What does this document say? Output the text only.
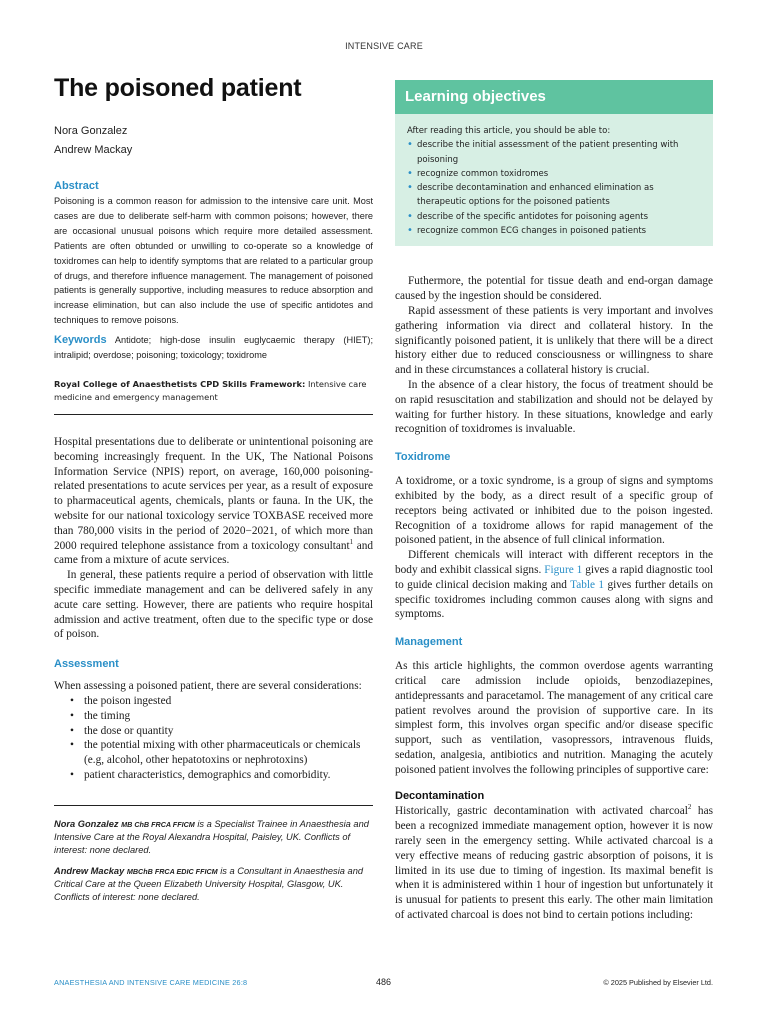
INTENSIVE CARE
The poisoned patient
Nora Gonzalez
Andrew Mackay
Abstract

Poisoning is a common reason for admission to the intensive care unit. Most cases are due to deliberate self-harm with common poisons; however, there are occasional unusual poisons which require more detailed assessment. Patients are often obtunded or unwilling to co-operate so a knowledge of toxidromes can help to identify symptoms that are related to a particular group of drugs, and therefore influence management. The management of poisoned patients is generally supportive, including measures to reduce absorption and increase elimination, but can also include the use of specific antidotes and techniques to remove poisons.

Keywords Antidote; high-dose insulin euglycaemic therapy (HIET); intralipid; overdose; poisoning; toxicology; toxidrome

Royal College of Anaesthetists CPD Skills Framework: Intensive care medicine and emergency management

Hospital presentations due to deliberate or unintentional poisoning are becoming increasingly frequent. In the UK, The National Poisons Information Service (NPIS) report, on average, 160,000 poisoning-related presentations to acute services per year, as a result of exposure to pharmaceutical agents, chemicals, plants or fauna. In the UK, the website for our national toxicology service TOXBASE received more than 780,000 visits in the period of 2020−2021, of which more than 2000 required telephone assistance from a toxicology consultant$^1$ and came from a mixture of acute services.

In general, these patients require a period of observation with little specific immediate management and can be delivered safely in any acute care setting. However, there are patients who require hospital admission and active treatment, often due to the specific type or dose of poison.

Assessment

When assessing a poisoned patient, there are several considerations:

• the poison ingested
• the timing
• the dose or quantity
• the potential mixing with other pharmaceuticals or chemicals (e.g, alcohol, other hepatotoxins or nephrotoxins)
• patient characteristics, demographics and comorbidity.

Nora Gonzalez MB ChB FRCA FFICM is a Specialist Trainee in Anaesthesia and Intensive Care at the Royal Alexandra Hospital, Paisley, UK. Conflicts of interest: none declared.

Andrew Mackay MBChB FRCA EDIC FFICM is a Consultant in Anaesthesia and Critical Care at the Queen Elizabeth University Hospital, Glasgow, UK. Conflicts of interest: none declared.

Learning objectives
After reading this article, you should be able to:
• describe the initial assessment of the patient presenting with poisoning
• recognize common toxidromes
• describe decontamination and enhanced elimination as therapeutic options for the poisoned patients
• describe of the specific antidotes for poisoning agents
• recognize common ECG changes in poisoned patients

Futhermore, the potential for tissue death and end-organ damage caused by the ingestion should be considered.

Rapid assessment of these patients is very important and involves gathering information via direct and collateral history. In the significantly poisoned patient, it is unlikely that there will be a direct history either due to reduced consciousness or willingness to share and in these circumstances a collateral history is crucial.

In the absence of a clear history, the focus of treatment should be on rapid resuscitation and stabilization and should not be delayed by waiting for further history. In these situations, knowledge and early recognition of toxidromes is invaluable.

Toxidrome

A toxidrome, or a toxic syndrome, is a group of signs and symptoms exhibited by the body, as a direct result of a specific group of receptors being activated or inhibited due to the poison ingested. Recognition of a toxidrome allows for rapid management of the poisoned patient, in the absence of full clinical information.

Different chemicals will interact with different receptors in the body and exhibit classical signs. Figure 1 gives a rapid diagnostic tool to guide clinical decision making and Table 1 gives further details on specific toxidromes including common causes along with signs and symptoms.

Management

As this article highlights, the common overdose agents warranting critical care admission include opioids, benzodiazepines, antidepressants and paracetamol. The management of any critical care patient revolves around the provision of supportive care. In its simplest form, this involves organ specific and/or disease specific support, such as ventilation, vasopressors, intravenous fluids, sedation, analgesia, antibiotics and nutrition. Managing the acutely poisoned patient involves the following principles of supportive care:

Decontamination

Historically, gastric decontamination with activated charcoal$^2$ has been a recognized immediate management option, however it is now rarely seen in the emergency setting. While activated charcoal is a very effective means of reducing gastric absorption of poisons, it is limited in its use due to timing of ingestion. Its maximal benefit is when it is administered within 1 hour of ingestion but unfortunately it is unusual for patients to present this early. The other main limitation of activated charcoal is does not bind to certain potions including:

ANAESTHESIA AND INTENSIVE CARE MEDICINE 26:8	486	© 2025 Published by Elsevier Ltd.
